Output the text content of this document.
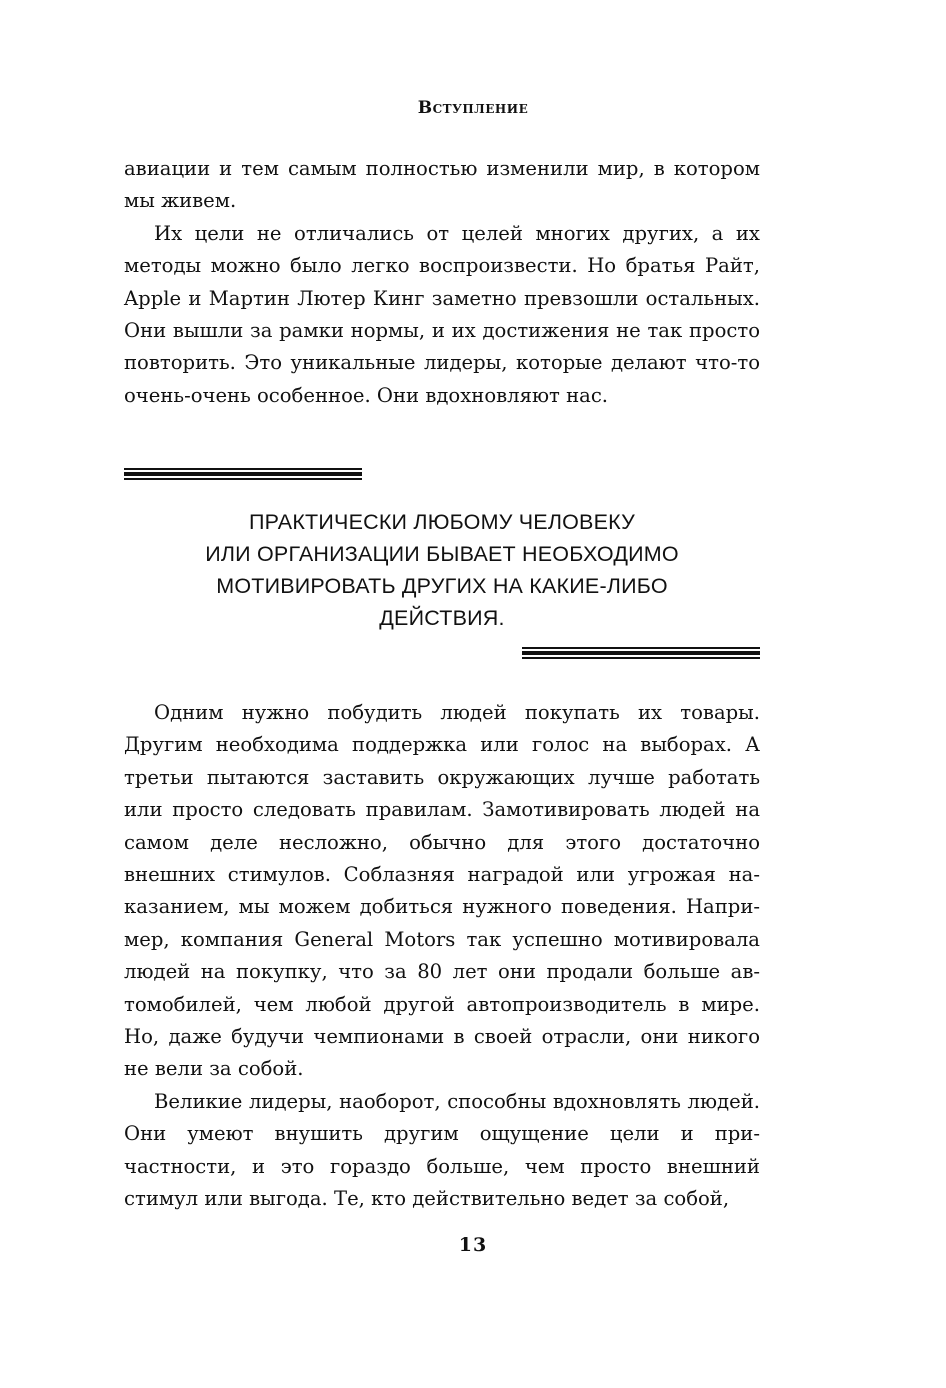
Вступление

авиации и тем самым полностью изменили мир, в котором мы живем.

Их цели не отличались от целей многих других, а их методы можно было легко воспроизвести. Но братья Райт, Apple и Мартин Лютер Кинг заметно превзошли остальных. Они вышли за рамки нормы, и их достижения не так просто повторить. Это уникальные лидеры, которые делают что-то очень-очень особенное. Они вдохновляют нас.

ПРАКТИЧЕСКИ ЛЮБОМУ ЧЕЛОВЕКУ
ИЛИ ОРГАНИЗАЦИИ БЫВАЕТ НЕОБХОДИМО
МОТИВИРОВАТЬ ДРУГИХ НА КАКИЕ-ЛИБО
ДЕЙСТВИЯ.

Одним нужно побудить людей покупать их товары. Другим необходима поддержка или голос на выборах. А третьи пытаются заставить окружающих лучше работать или просто следовать правилам. Замотивировать людей на самом деле несложно, обычно для этого достаточно внешних стимулов. Соблазняя наградой или угрожая наказанием, мы можем добиться нужного поведения. Например, компания General Motors так успешно мотивировала людей на покупку, что за 80 лет они продали больше автомобилей, чем любой другой автопроизводитель в мире. Но, даже будучи чемпионами в своей отрасли, они никого не вели за собой.

Великие лидеры, наоборот, способны вдохновлять людей. Они умеют внушить другим ощущение цели и причастности, и это гораздо больше, чем просто внешний стимул или выгода. Те, кто действительно ведет за собой,

13
